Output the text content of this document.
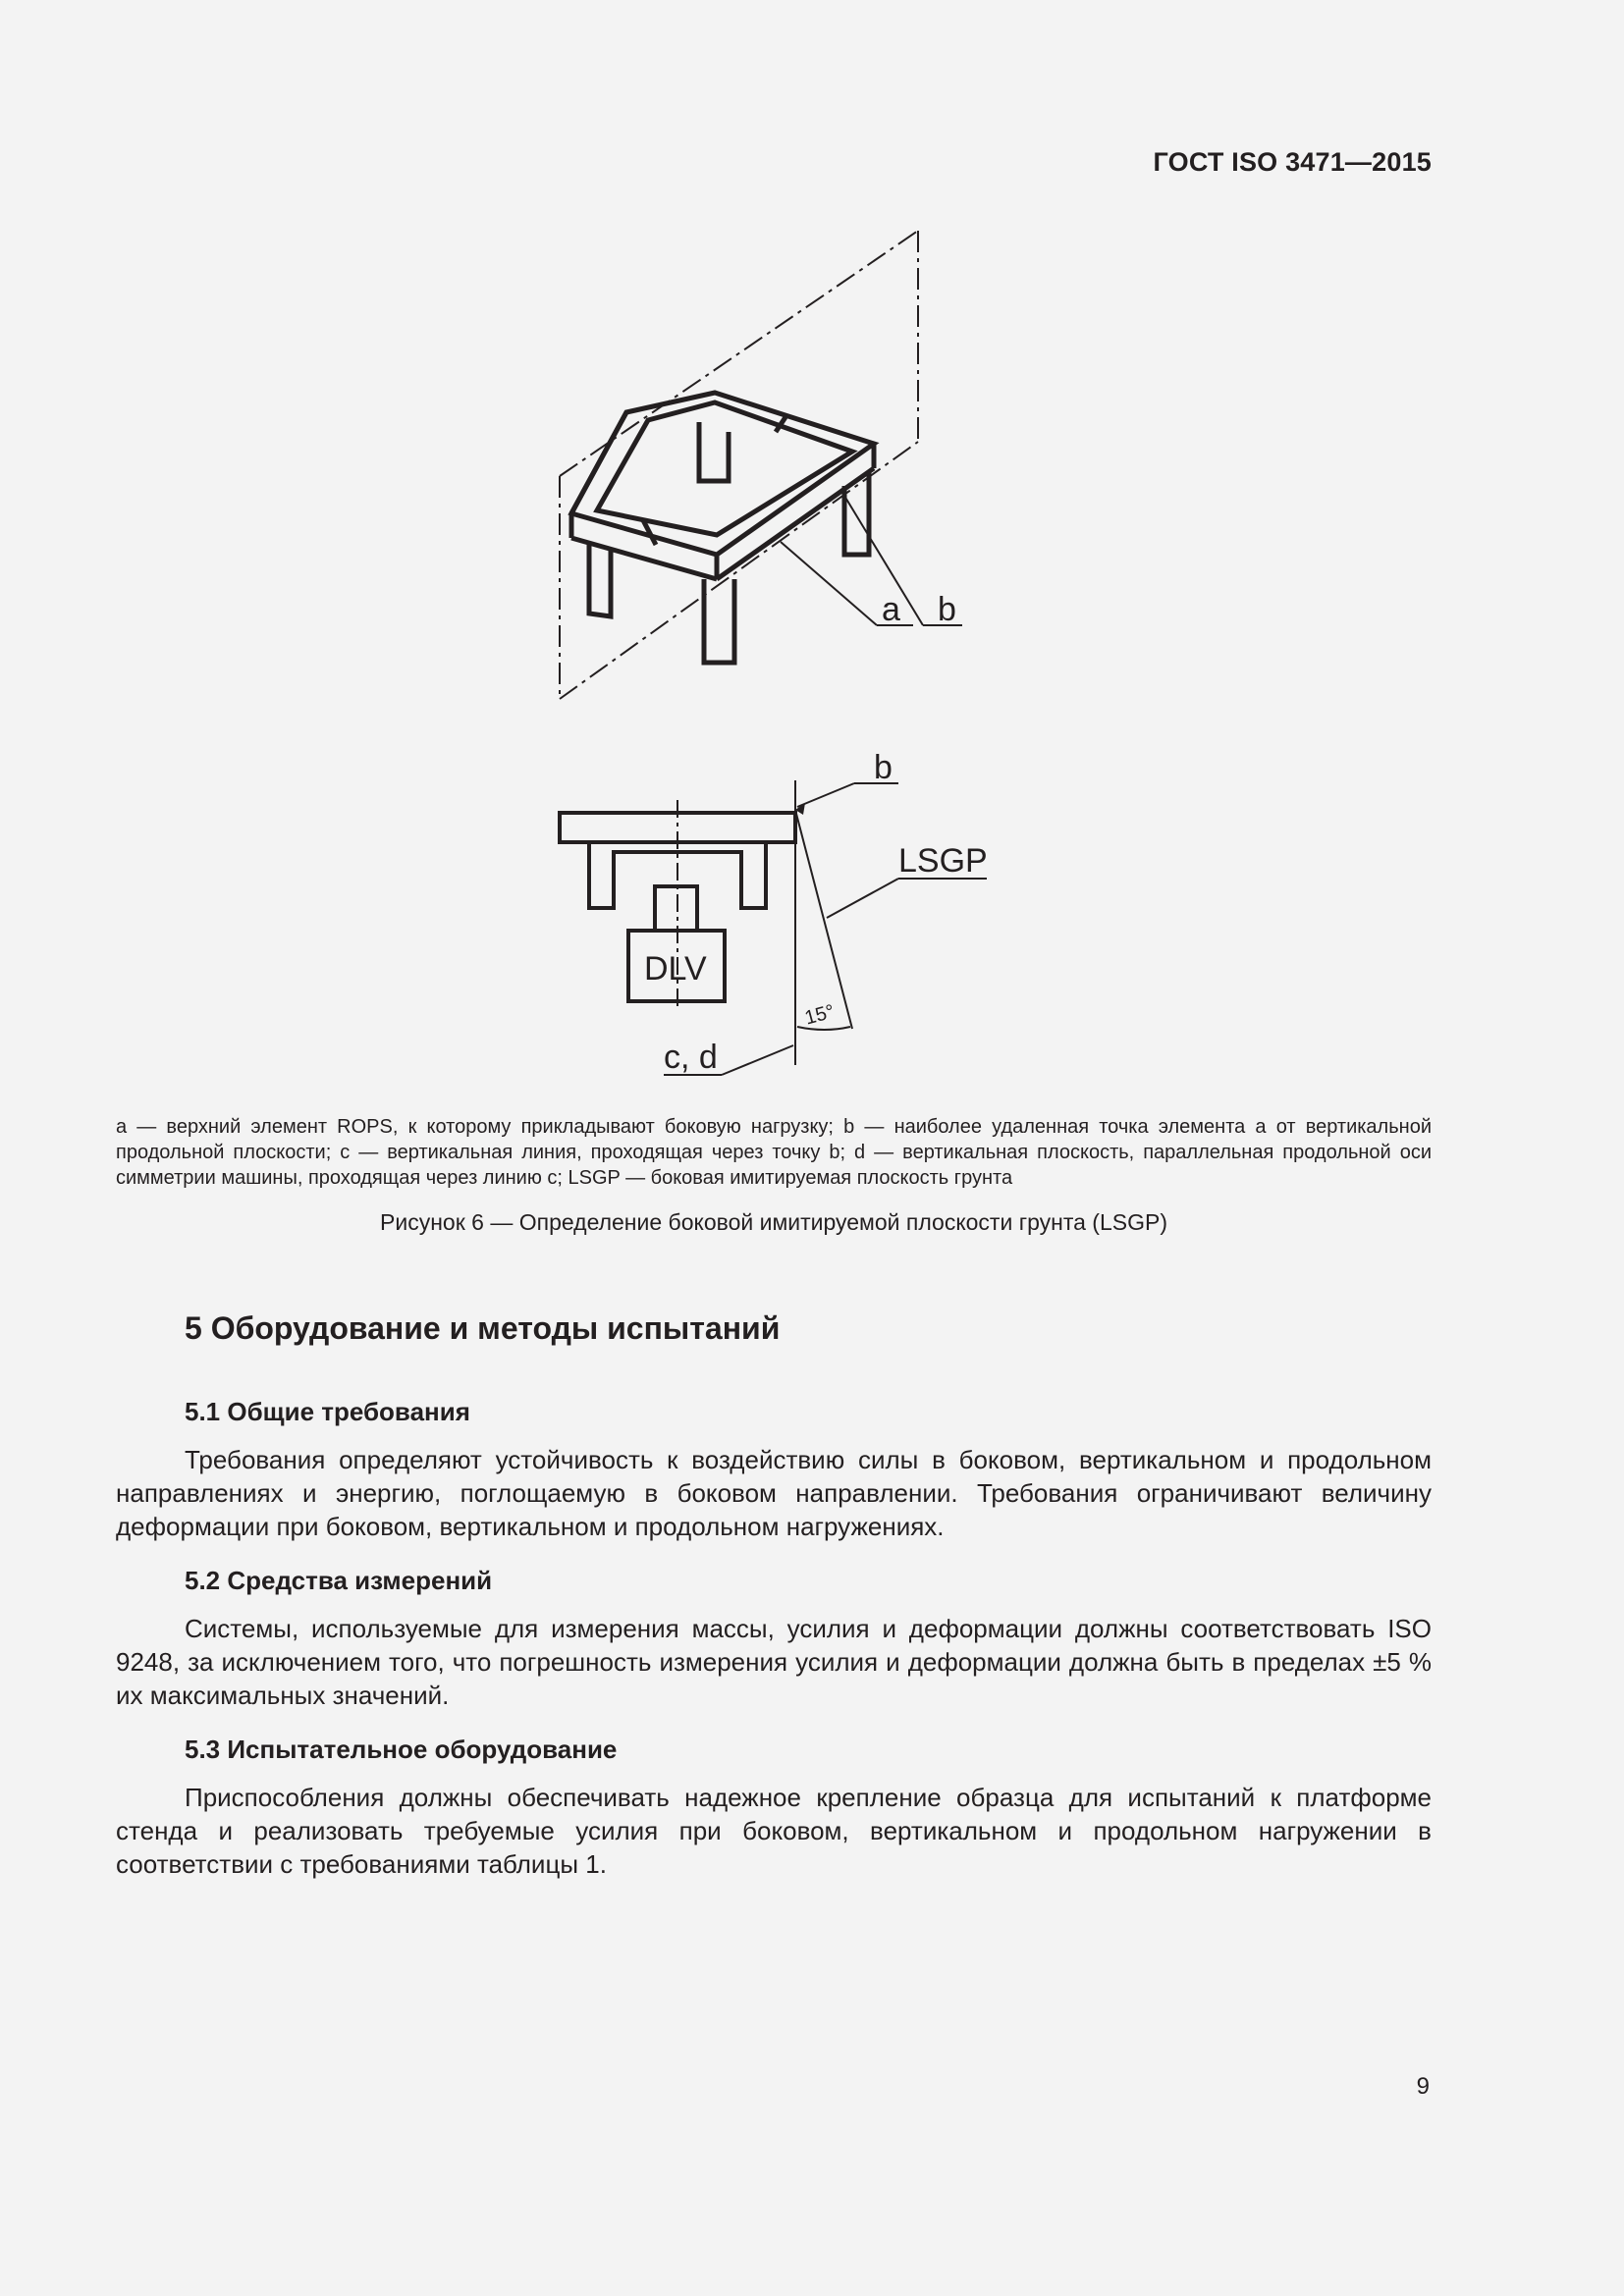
ГОСТ ISO 3471—2015
a b
b
LSGP
DLV
15°
c, d
a — верхний элемент ROPS, к которому прикладывают боковую нагрузку; b — наиболее удаленная точка элемента a от вертикальной продольной плоскости; c — вертикальная линия, проходящая через точку b; d — вертикальная плоскость, параллельная продольной оси симметрии машины, проходящая через линию c; LSGP — боковая имитируемая плоскость грунта
Рисунок 6 — Определение боковой имитируемой плоскости грунта (LSGP)
5 Оборудование и методы испытаний
5.1 Общие требования
Требования определяют устойчивость к воздействию силы в боковом, вертикальном и продольном направлениях и энергию, поглощаемую в боковом направлении. Требования ограничивают величину деформации при боковом, вертикальном и продольном нагружениях.
5.2 Средства измерений
Системы, используемые для измерения массы, усилия и деформации должны соответствовать ISO 9248, за исключением того, что погрешность измерения усилия и деформации должна быть в пределах ±5 % их максимальных значений.
5.3 Испытательное оборудование
Приспособления должны обеспечивать надежное крепление образца для испытаний к платформе стенда и реализовать требуемые усилия при боковом, вертикальном и продольном нагружении в соответствии с требованиями таблицы 1.
9
